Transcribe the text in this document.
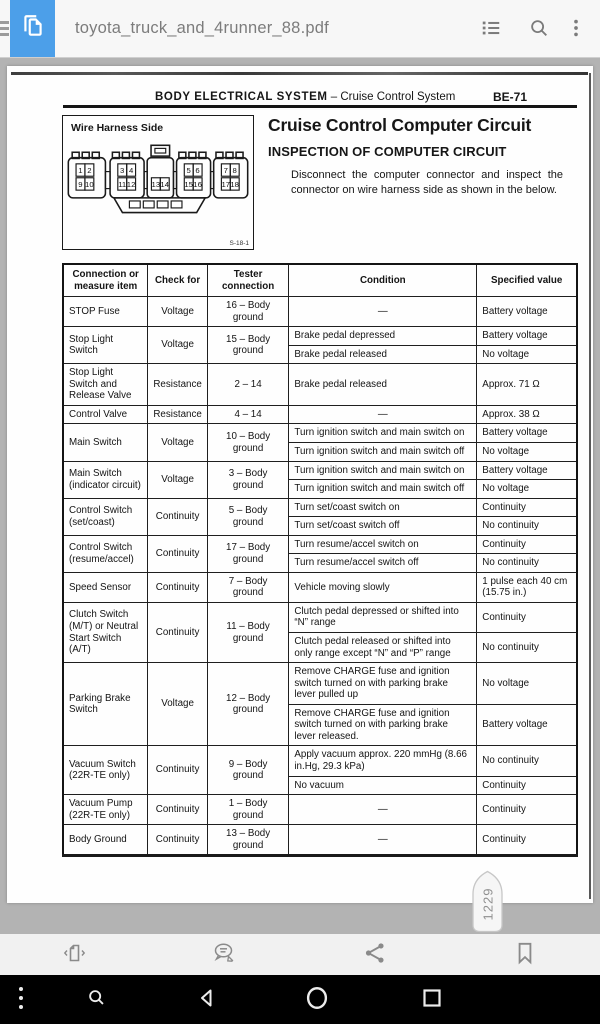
toyota_truck_and_4runner_88.pdf
BODY ELECTRICAL SYSTEM – Cruise Control System	BE-71
Wire Harness Side
1 2	3 4	5 6 7 8
9 10 11 12 13 14 15 16 17 18
S-18-1
Cruise Control Computer Circuit
INSPECTION OF COMPUTER CIRCUIT

Disconnect the computer connector and inspect the connector on wire harness side as shown in the below.

Connection or measure item	Check for	Tester connection	Condition	Specified value
STOP Fuse	Voltage	16 – Body ground	—	Battery voltage
Stop Light Switch	Voltage	15 – Body ground	Brake pedal depressed	Battery voltage
			Brake pedal released	No voltage
Stop Light Switch and Release Valve	Resistance	2 – 14	Brake pedal released	Approx. 71 Ω
Control Valve	Resistance	4 – 14	—	Approx. 38 Ω
Main Switch	Voltage	10 – Body ground	Turn ignition switch and main switch on	Battery voltage
			Turn ignition switch and main switch off	No voltage
Main Switch (indicator circuit)	Voltage	3 – Body ground	Turn ignition switch and main switch on	Battery voltage
			Turn ignition switch and main switch off	No voltage
Control Switch (set/coast)	Continuity	5 – Body ground	Turn set/coast switch on	Continuity
			Turn set/coast switch off	No continuity
Control Switch (resume/accel)	Continuity	17 – Body ground	Turn resume/accel switch on	Continuity
			Turn resume/accel switch off	No continuity
Speed Sensor	Continuity	7 – Body ground	Vehicle moving slowly	1 pulse each 40 cm (15.75 in.)
Clutch Switch (M/T) or Neutral Start Switch (A/T)	Continuity	11 – Body ground	Clutch pedal depressed or shifted into “N” range	Continuity
			Clutch pedal released or shifted into only range except “N” and “P” range	No continuity
Parking Brake Switch	Voltage	12 – Body ground	Remove CHARGE fuse and ignition switch turned on with parking brake lever pulled up	No voltage
			Remove CHARGE fuse and ignition switch turned on with parking brake lever released.	Battery voltage
Vacuum Switch (22R-TE only)	Continuity	9 – Body ground	Apply vacuum approx. 220 mmHg (8.66 in.Hg, 29.3 kPa)	No continuity
			No vacuum	Continuity
Vacuum Pump (22R-TE only)	Continuity	1 – Body ground	—	Continuity
Body Ground	Continuity	13 – Body ground	—	Continuity
1229
